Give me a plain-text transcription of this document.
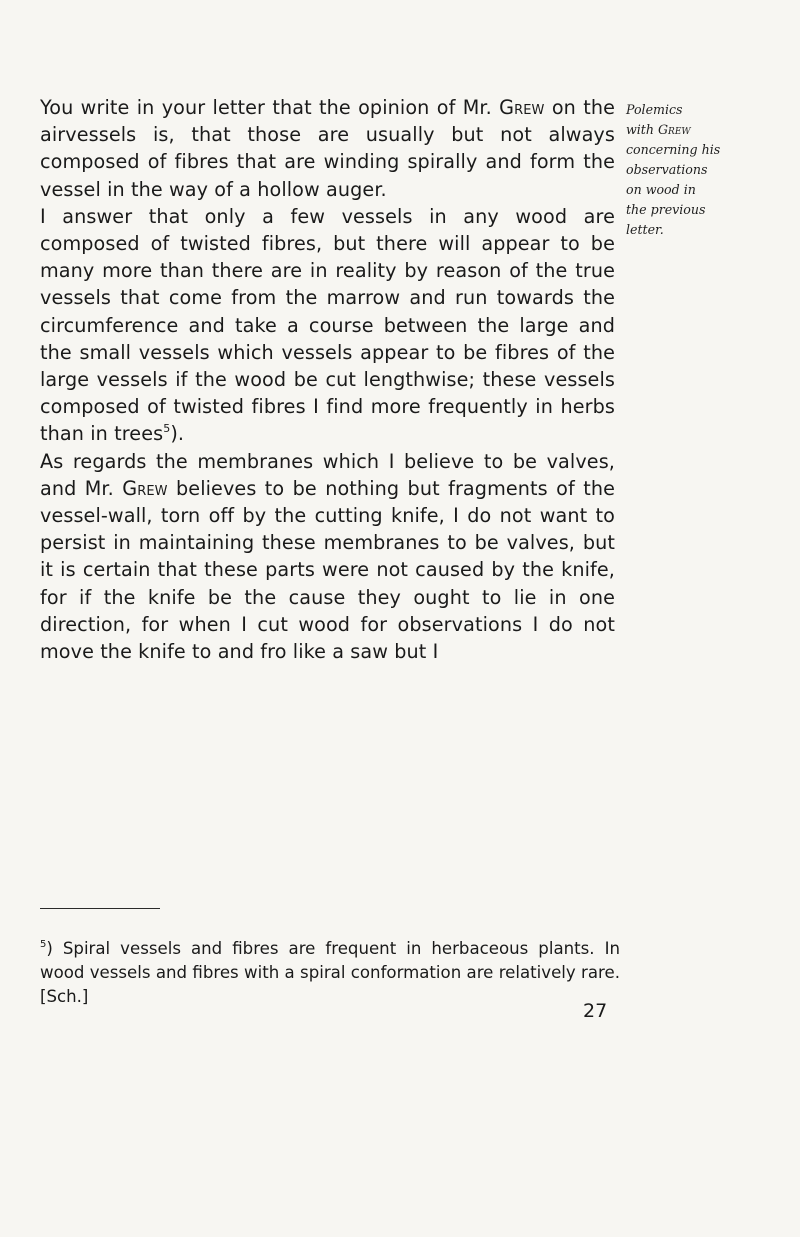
You write in your letter that the opinion of Mr. Grew on the airvessels is, that those are usually but not always composed of fibres that are winding spirally and form the vessel in the way of a hollow auger.

I answer that only a few vessels in any wood are composed of twisted fibres, but there will appear to be many more than there are in reality by reason of the true vessels that come from the marrow and run towards the circumference and take a course between the large and the small vessels which vessels appear to be fibres of the large vessels if the wood be cut lengthwise; these vessels composed of twisted fibres I find more frequently in herbs than in trees$^5$).

As regards the membranes which I believe to be valves, and Mr. Grew believes to be nothing but fragments of the vessel-wall, torn off by the cutting knife, I do not want to persist in maintaining these membranes to be valves, but it is certain that these parts were not caused by the knife, for if the knife be the cause they ought to lie in one direction, for when I cut wood for observations I do not move the knife to and fro like a saw but I

Polemics
with Grew
concerning his
observations
on wood in
the previous
letter.
$^5$) Spiral vessels and fibres are frequent in herbaceous plants. In wood vessels and fibres with a spiral conformation are relatively rare. [Sch.]
27
